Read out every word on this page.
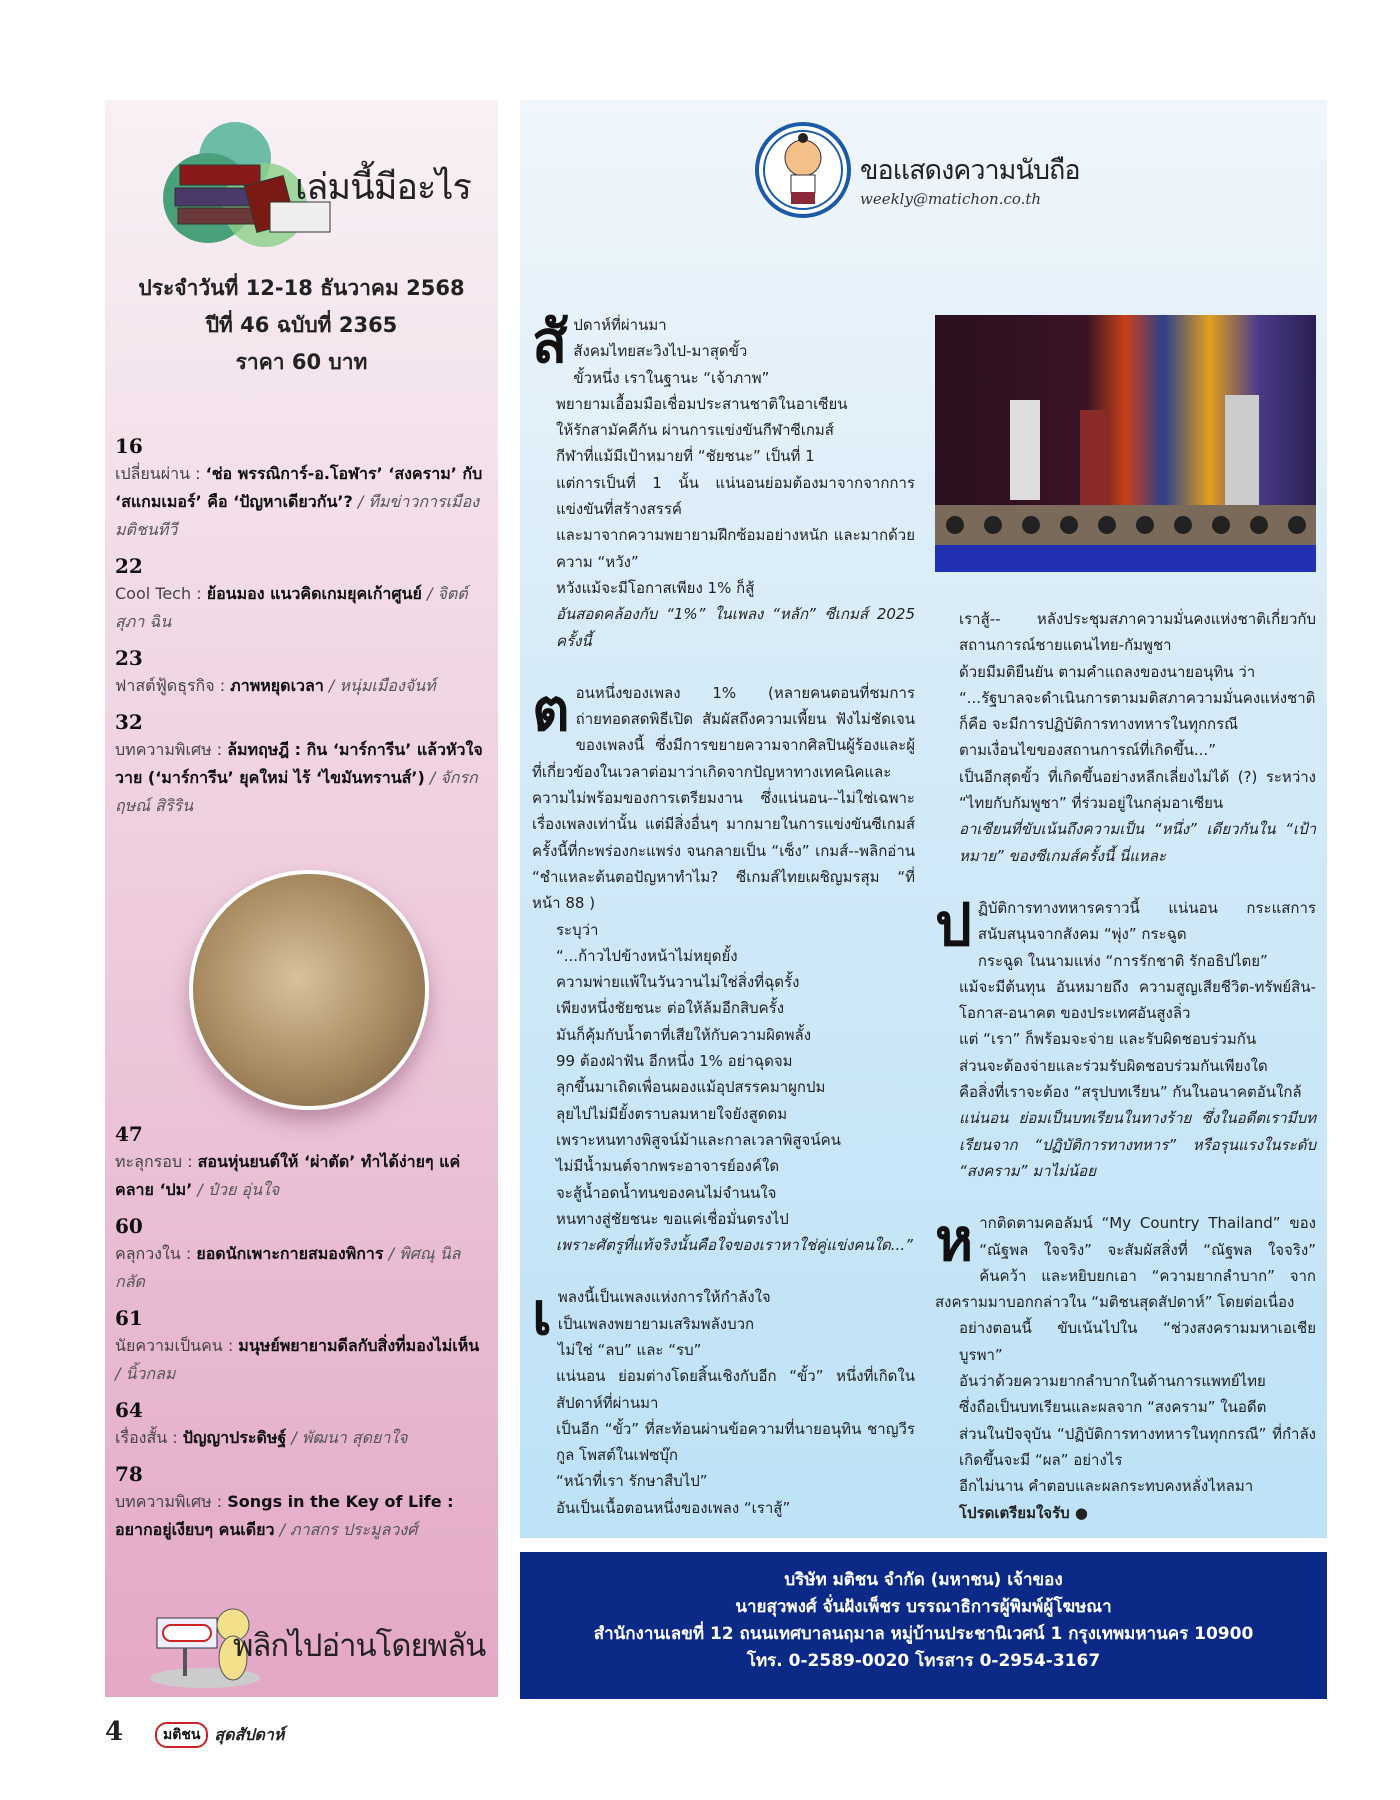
เล่มนี้มีอะไร
ประจำวันที่ 12-18 ธันวาคม 2568
ปีที่ 46 ฉบับที่ 2365
ราคา 60 บาท
16
เปลี่ยนผ่าน : ‘ช่อ พรรณิการ์-อ.โอฬาร’ ‘สงคราม’ กับ ‘สแกมเมอร์’ คือ ‘ปัญหาเดียวกัน’? / ทีมข่าวการเมือง มติชนทีวี
22
Cool Tech : ย้อนมอง แนวคิดเกมยุคเก้าศูนย์ / จิตต์สุภา ฉิน
23
ฟาสต์ฟู้ดธุรกิจ : ภาพหยุดเวลา / หนุ่มเมืองจันท์
32
บทความพิเศษ : ล้มทฤษฎี : กิน ‘มาร์การีน’ แล้วหัวใจวาย (‘มาร์การีน’ ยุคใหม่ ไร้ ‘ไขมันทรานส์’) / จักรกฤษณ์ สิริริน
47
ทะลุกรอบ : สอนหุ่นยนต์ให้ ‘ผ่าตัด’ ทำได้ง่ายๆ แค่คลาย ‘ปม’ / ป๋วย อุ่นใจ
60
คลุกวงใน : ยอดนักเพาะกายสมองพิการ / พิศณุ นิลกลัด
61
นัยความเป็นคน : มนุษย์พยายามดีลกับสิ่งที่มองไม่เห็น / นิ้วกลม
64
เรื่องสั้น : ปัญญาประดิษฐ์ / พัฒนา สุดยาใจ
78
บทความพิเศษ : Songs in the Key of Life : อยากอยู่เงียบๆ คนเดียว / ภาสกร ประมูลวงศ์
พลิกไปอ่านโดยพลัน
4	มติชน สุดสัปดาห์
ขอแสดงความนับถือ
weekly@matichon.co.th

สัปดาห์ที่ผ่านมา

สังคมไทยสะวิงไป-มาสุดขั้ว

ขั้วหนึ่ง เราในฐานะ “เจ้าภาพ”

พยายามเอื้อมมือเชื่อมประสานชาติในอาเซียน

ให้รักสามัคคีกัน ผ่านการแข่งขันกีฬาซีเกมส์

กีฬาที่แม้มีเป้าหมายที่ “ชัยชนะ” เป็นที่ 1

แต่การเป็นที่ 1 นั้น แน่นอนย่อมต้องมาจากจากการแข่งขันที่สร้างสรรค์

และมาจากความพยายามฝึกซ้อมอย่างหนัก และมากด้วยความ “หวัง”

หวังแม้จะมีโอกาสเพียง 1% ก็สู้

อันสอดคล้องกับ “1%” ในเพลง “หลัก” ซีเกมส์ 2025 ครั้งนี้

ตอนหนึ่งของเพลง 1% (หลายคนตอนที่ชมการถ่ายทอดสดพิธีเปิด สัมผัสถึงความเพี้ยน ฟังไม่ชัดเจนของเพลงนี้ ซึ่งมีการขยายความจากศิลปินผู้ร้องและผู้ที่เกี่ยวข้องในเวลาต่อมาว่าเกิดจากปัญหาทางเทคนิคและความไม่พร้อมของการเตรียมงาน ซึ่งแน่นอน--ไม่ใช่เฉพาะเรื่องเพลงเท่านั้น แต่มีสิ่งอื่นๆ มากมายในการแข่งขันซีเกมส์ครั้งนี้ที่กะพร่องกะแพร่ง จนกลายเป็น “เซ็ง” เกมส์--พลิกอ่าน “ชำแหละต้นตอปัญหาทำไม? ซีเกมส์ไทยเผชิญมรสุม “ที่หน้า 88 )

ระบุว่า

“...ก้าวไปข้างหน้าไม่หยุดยั้ง

ความพ่ายแพ้ในวันวานไม่ใช่สิ่งที่ฉุดรั้ง

เพียงหนึ่งชัยชนะ ต่อให้ล้มอีกสิบครั้ง

มันก็คุ้มกับน้ำตาที่เสียให้กับความผิดพลั้ง

99 ต้องฝ่าฟัน อีกหนึ่ง 1% อย่าฉุดจม

ลุกขึ้นมาเถิดเพื่อนผองแม้อุปสรรคมาผูกปม

ลุยไปไม่มียั้งตราบลมหายใจยังสูดดม

เพราะหนทางพิสูจน์ม้าและกาลเวลาพิสูจน์คน

ไม่มีน้ำมนต์จากพระอาจารย์องค์ใด

จะสู้น้ำอดน้ำทนของคนไม่จำนนใจ

หนทางสู่ชัยชนะ ขอแค่เชื่อมั่นตรงไป

เพราะศัตรูที่แท้จริงนั้นคือใจของเราหาใช่คู่แข่งคนใด...”

เพลงนี้เป็นเพลงแห่งการให้กำลังใจ

เป็นเพลงพยายามเสริมพลังบวก

ไม่ใช่ “ลบ” และ “รบ”

แน่นอน ย่อมต่างโดยสิ้นเชิงกับอีก “ขั้ว” หนึ่งที่เกิดในสัปดาห์ที่ผ่านมา

เป็นอีก “ขั้ว” ที่สะท้อนผ่านข้อความที่นายอนุทิน ชาญวีรกูล โพสต์ในเฟซบุ๊ก

“หน้าที่เรา รักษาสืบไป”

อันเป็นเนื้อตอนหนึ่งของเพลง “เราสู้”

เราสู้-- หลังประชุมสภาความมั่นคงแห่งชาติเกี่ยวกับสถานการณ์ชายแดนไทย-กัมพูชา

ด้วยมีมติยืนยัน ตามคำแถลงของนายอนุทิน ว่า

“...รัฐบาลจะดำเนินการตามมติสภาความมั่นคงแห่งชาติ

ก็คือ จะมีการปฏิบัติการทางทหารในทุกกรณี

ตามเงื่อนไขของสถานการณ์ที่เกิดขึ้น...”

เป็นอีกสุดขั้ว ที่เกิดขึ้นอย่างหลีกเลี่ยงไม่ได้ (?) ระหว่าง “ไทยกับกัมพูชา” ที่ร่วมอยู่ในกลุ่มอาเซียน

อาเซียนที่ขับเน้นถึงความเป็น “หนึ่ง” เดียวกันใน “เป้าหมาย” ของซีเกมส์ครั้งนี้ นี่แหละ

ปฏิบัติการทางทหารคราวนี้ แน่นอน กระแสการสนับสนุนจากสังคม “พุ่ง” กระฉูด

กระฉูด ในนามแห่ง “การรักชาติ รักอธิปไตย”

แม้จะมีต้นทุน อันหมายถึง ความสูญเสียชีวิต-ทรัพย์สิน-โอกาส-อนาคต ของประเทศอันสูงลิ่ว

แต่ “เรา” ก็พร้อมจะจ่าย และรับผิดชอบร่วมกัน

ส่วนจะต้องจ่ายและร่วมรับผิดชอบร่วมกันเพียงใด

คือสิ่งที่เราจะต้อง “สรุปบทเรียน” กันในอนาคตอันใกล้

แน่นอน ย่อมเป็นบทเรียนในทางร้าย ซึ่งในอดีตเรามีบทเรียนจาก “ปฏิบัติการทางทหาร” หรือรุนแรงในระดับ “สงคราม” มาไม่น้อย

หากติดตามคอลัมน์ “My Country Thailand” ของ “ณัฐพล ใจจริง” จะสัมผัสสิ่งที่ “ณัฐพล ใจจริง” ค้นคว้า และหยิบยกเอา “ความยากลำบาก” จากสงครามมาบอกกล่าวใน “มติชนสุดสัปดาห์” โดยต่อเนื่อง

อย่างตอนนี้ ขับเน้นไปใน “ช่วงสงครามมหาเอเชียบูรพา”

อันว่าด้วยความยากลำบากในด้านการแพทย์ไทย

ซึ่งถือเป็นบทเรียนและผลจาก “สงคราม” ในอดีต

ส่วนในปัจจุบัน “ปฏิบัติการทางทหารในทุกกรณี” ที่กำลังเกิดขึ้นจะมี “ผล” อย่างไร

อีกไม่นาน คำตอบและผลกระทบคงหลั่งไหลมา

โปรดเตรียมใจรับ ●

บริษัท มติชน จำกัด (มหาชน) เจ้าของ
นายสุวพงศ์ จั่นฝังเพ็ชร บรรณาธิการผู้พิมพ์ผู้โฆษณา
สำนักงานเลขที่ 12 ถนนเทศบาลนฤมาล หมู่บ้านประชานิเวศน์ 1 กรุงเทพมหานคร 10900
โทร. 0-2589-0020 โทรสาร 0-2954-3167
